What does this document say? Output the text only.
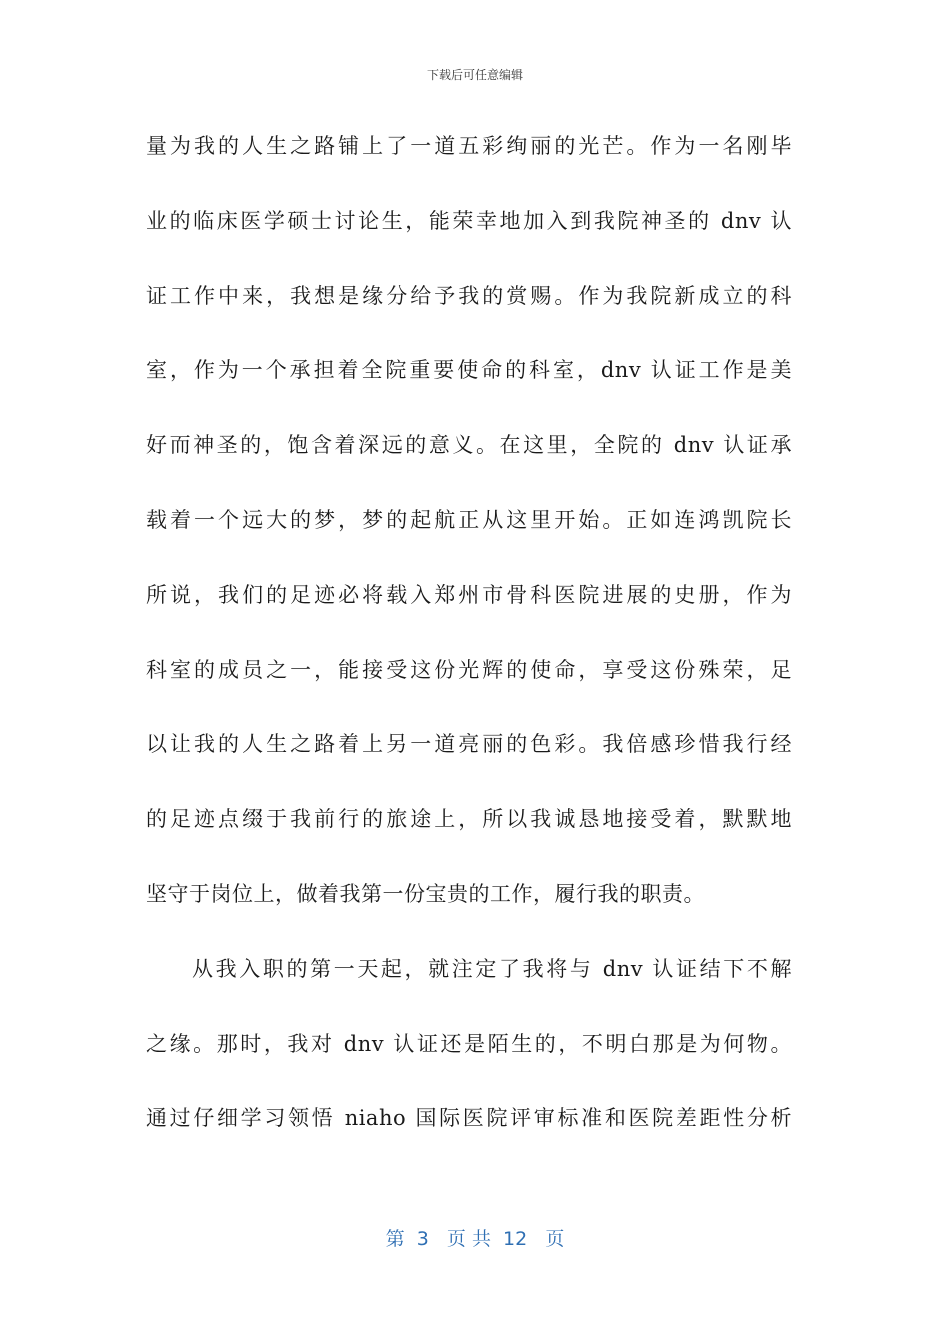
下载后可任意编辑
量为我的人生之路铺上了一道五彩绚丽的光芒。作为一名刚毕
业的临床医学硕士讨论生，能荣幸地加入到我院神圣的 dnv 认
证工作中来，我想是缘分给予我的赏赐。作为我院新成立的科
室，作为一个承担着全院重要使命的科室，dnv 认证工作是美
好而神圣的，饱含着深远的意义。在这里，全院的 dnv 认证承
载着一个远大的梦，梦的起航正从这里开始。正如连鸿凯院长
所说，我们的足迹必将载入郑州市骨科医院进展的史册，作为
科室的成员之一，能接受这份光辉的使命，享受这份殊荣，足
以让我的人生之路着上另一道亮丽的色彩。我倍感珍惜我行经
的足迹点缀于我前行的旅途上，所以我诚恳地接受着，默默地
坚守于岗位上，做着我第一份宝贵的工作，履行我的职责。
从我入职的第一天起，就注定了我将与 dnv 认证结下不解
之缘。那时，我对 dnv 认证还是陌生的，不明白那是为何物。
通过仔细学习领悟 niaho 国际医院评审标准和医院差距性分析
第  3   页 共  12   页
